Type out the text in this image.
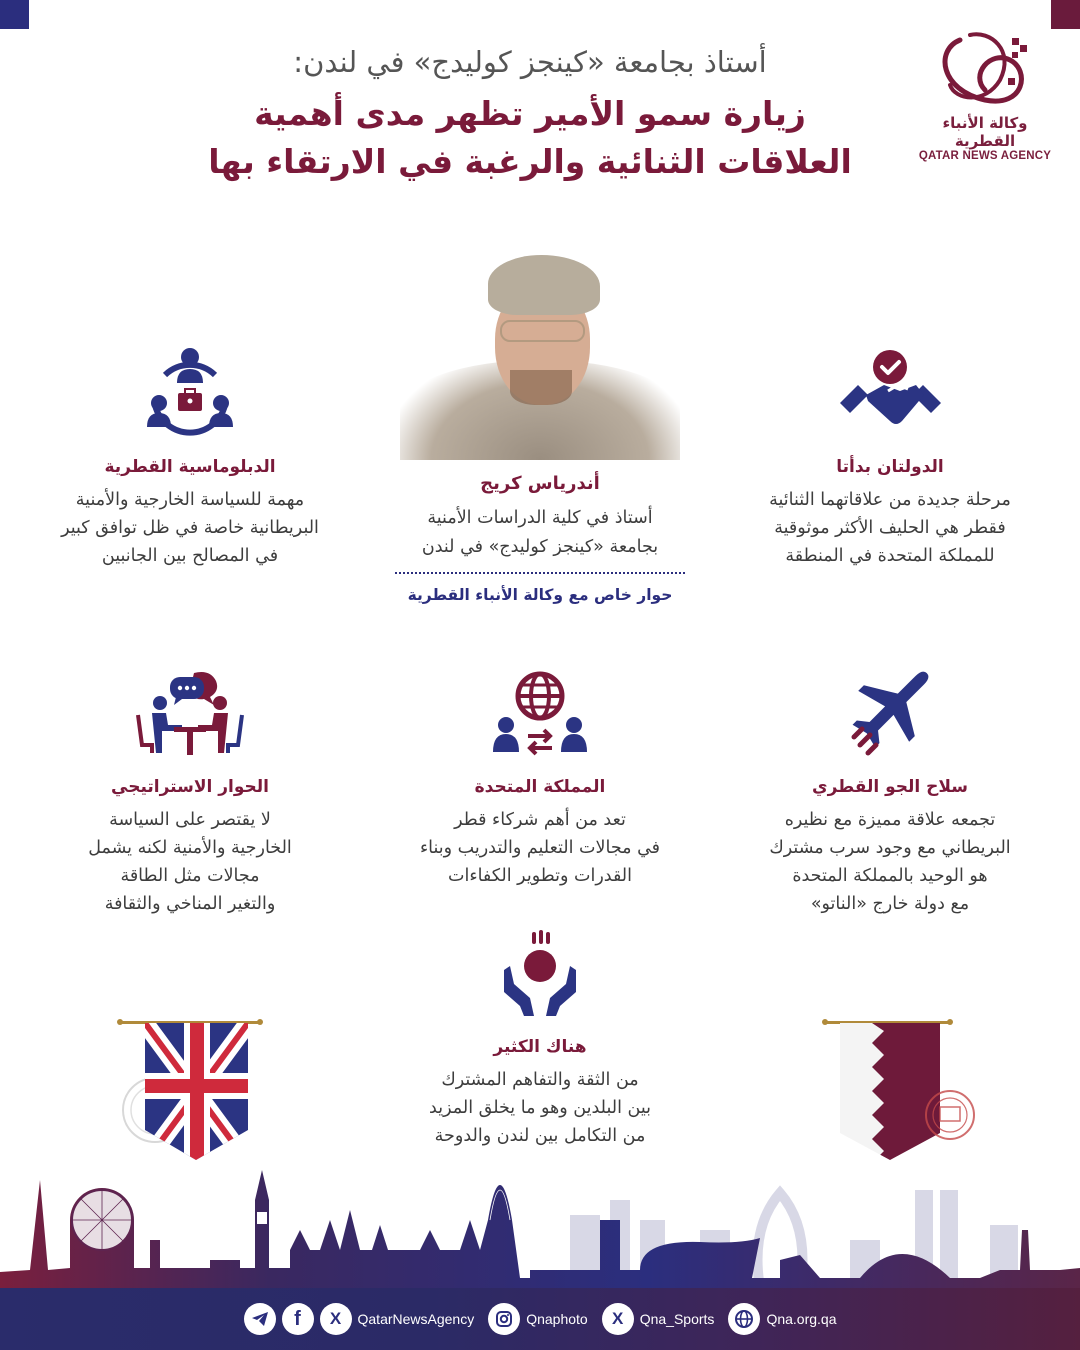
وكالة الأنباء القطرية
QATAR NEWS AGENCY
أستاذ بجامعة «كينجز كوليدج» في لندن:
زيارة سمو الأمير تظهر مدى أهمية
العلاقات الثنائية والرغبة في الارتقاء بها
أندرياس كريج
أستاذ في كلية الدراسات الأمنية
بجامعة «كينجز كوليدج» في لندن
حوار خاص مع وكالة الأنباء القطرية
الدولتان بدأتا
مرحلة جديدة من علاقاتهما الثنائية
فقطر هي الحليف الأكثر موثوقية
للمملكة المتحدة في المنطقة
الدبلوماسية القطرية
مهمة للسياسة الخارجية والأمنية
البريطانية خاصة في ظل توافق كبير
في المصالح بين الجانبين
سلاح الجو القطري
تجمعه علاقة مميزة مع نظيره
البريطاني مع وجود سرب مشترك
هو الوحيد بالمملكة المتحدة
مع دولة خارج «الناتو»
المملكة المتحدة
تعد من أهم شركاء قطر
في مجالات التعليم والتدريب وبناء
القدرات وتطوير الكفاءات
الحوار الاستراتيجي
لا يقتصر على السياسة
الخارجية والأمنية لكنه يشمل
مجالات مثل الطاقة
والتغير المناخي والثقافة
هناك الكثير
من الثقة والتفاهم المشترك
بين البلدين وهو ما يخلق المزيد
من التكامل بين لندن والدوحة
f	X	QatarNewsAgency	Qnaphoto	X	Qna_Sports	Qna.org.qa
